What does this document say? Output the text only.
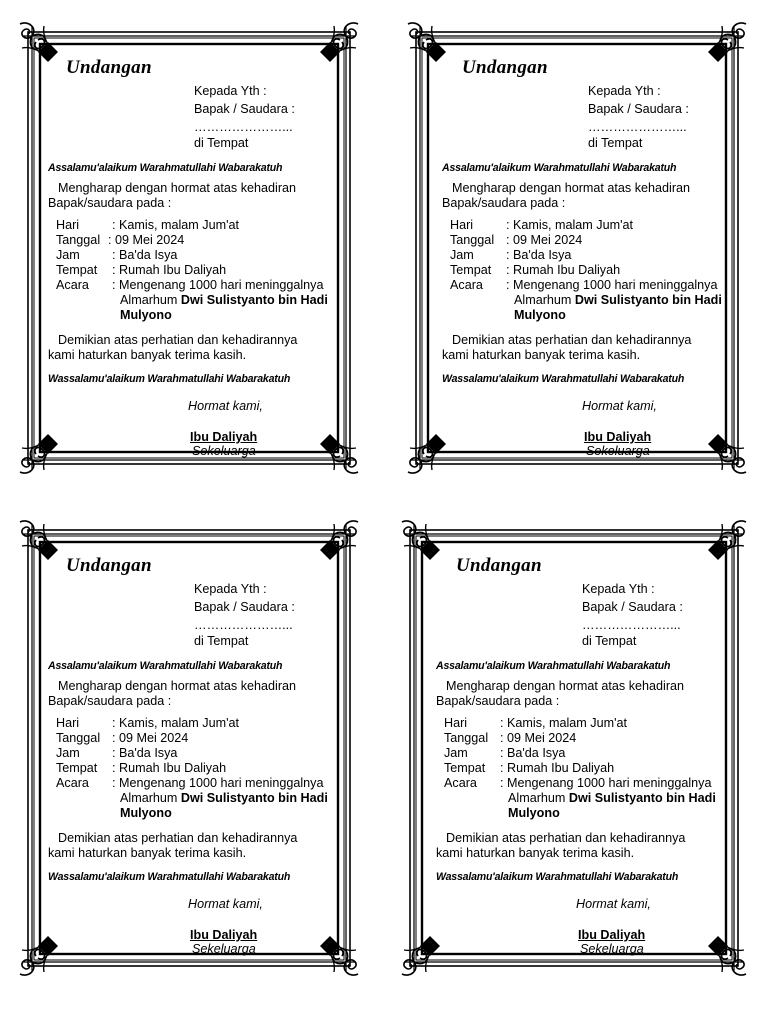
Undangan
Kepada Yth :
Bapak / Saudara :
…………………...
di Tempat
Assalamu'alaikum Warahmatullahi Wabarakatuh
Mengharap dengan hormat atas kehadiran
Bapak/saudara pada :
Hari	: Kamis, malam Jum'at
Tanggal : 09 Mei 2024
Jam	: Ba'da Isya
Tempat : Rumah Ibu Daliyah
Acara : Mengenang 1000 hari meninggalnya
Almarhum Dwi Sulistyanto bin Hadi
Mulyono
Demikian atas perhatian dan kehadirannya
kami haturkan banyak terima kasih.
Wassalamu'alaikum Warahmatullahi Wabarakatuh
Hormat kami,
Ibu Daliyah
Sekeluarga
Undangan
Kepada Yth :
Bapak / Saudara :
…………………...
di Tempat
Assalamu'alaikum Warahmatullahi Wabarakatuh
Mengharap dengan hormat atas kehadiran
Bapak/saudara pada :
Hari	: Kamis, malam Jum'at
Tanggal : 09 Mei 2024
Jam	: Ba'da Isya
Tempat : Rumah Ibu Daliyah
Acara : Mengenang 1000 hari meninggalnya
Almarhum Dwi Sulistyanto bin Hadi
Mulyono
Demikian atas perhatian dan kehadirannya
kami haturkan banyak terima kasih.
Wassalamu'alaikum Warahmatullahi Wabarakatuh
Hormat kami,
Ibu Daliyah
Sekeluarga
Undangan
Kepada Yth :
Bapak / Saudara :
…………………...
di Tempat
Assalamu'alaikum Warahmatullahi Wabarakatuh
Mengharap dengan hormat atas kehadiran
Bapak/saudara pada :
Hari	: Kamis, malam Jum'at
Tanggal : 09 Mei 2024
Jam	: Ba'da Isya
Tempat : Rumah Ibu Daliyah
Acara : Mengenang 1000 hari meninggalnya
Almarhum Dwi Sulistyanto bin Hadi
Mulyono
Demikian atas perhatian dan kehadirannya
kami haturkan banyak terima kasih.
Wassalamu'alaikum Warahmatullahi Wabarakatuh
Hormat kami,
Ibu Daliyah
Sekeluarga
Undangan
Kepada Yth :
Bapak / Saudara :
…………………...
di Tempat
Assalamu'alaikum Warahmatullahi Wabarakatuh
Mengharap dengan hormat atas kehadiran
Bapak/saudara pada :
Hari	: Kamis, malam Jum'at
Tanggal : 09 Mei 2024
Jam	: Ba'da Isya
Tempat : Rumah Ibu Daliyah
Acara : Mengenang 1000 hari meninggalnya
Almarhum Dwi Sulistyanto bin Hadi
Mulyono
Demikian atas perhatian dan kehadirannya
kami haturkan banyak terima kasih.
Wassalamu'alaikum Warahmatullahi Wabarakatuh
Hormat kami,
Ibu Daliyah
Sekeluarga
